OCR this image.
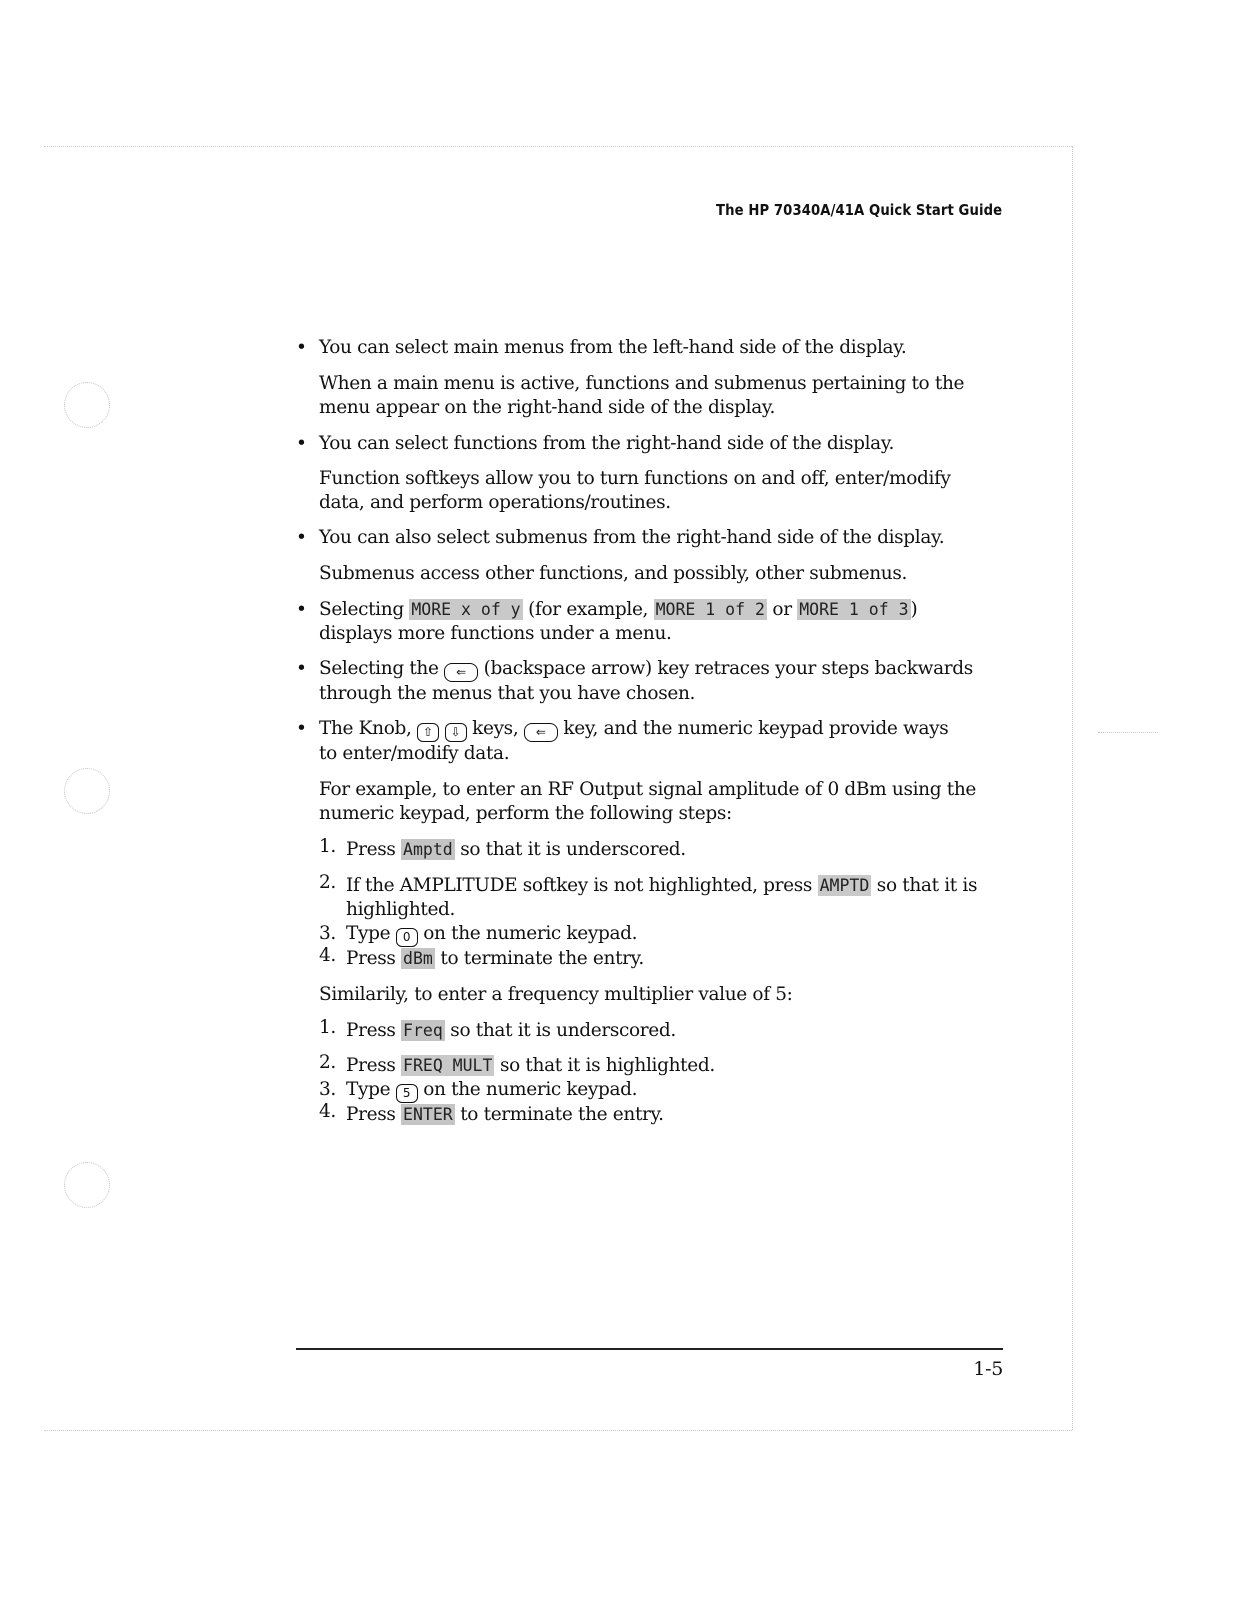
The HP 70340A/41A Quick Start Guide

• You can select main menus from the left-hand side of the display.

When a main menu is active, functions and submenus pertaining to the menu appear on the right-hand side of the display.

• You can select functions from the right-hand side of the display.

Function softkeys allow you to turn functions on and off, enter/modify data, and perform operations/routines.

• You can also select submenus from the right-hand side of the display.

Submenus access other functions, and possibly, other submenus.

• Selecting MORE x of y (for example, MORE 1 of 2 or MORE 1 of 3 )
displays more functions under a menu.

• Selecting the ⇐ (backspace arrow) key retraces your steps backwards
through the menus that you have chosen.

• The Knob, ⇧ ⇩ keys, ⇐ key, and the numeric keypad provide ways
to enter/modify data.

For example, to enter an RF Output signal amplitude of 0 dBm using the numeric keypad, perform the following steps:

1. Press Amptd so that it is underscored.
2. If the AMPLITUDE softkey is not highlighted, press AMPTD so that it is highlighted.
3. Type 0 on the numeric keypad.
4. Press dBm to terminate the entry.

Similarily, to enter a frequency multiplier value of 5:

1. Press Freq so that it is underscored.
2. Press FREQ MULT so that it is highlighted.
3. Type 5 on the numeric keypad.
4. Press ENTER to terminate the entry.
1-5
